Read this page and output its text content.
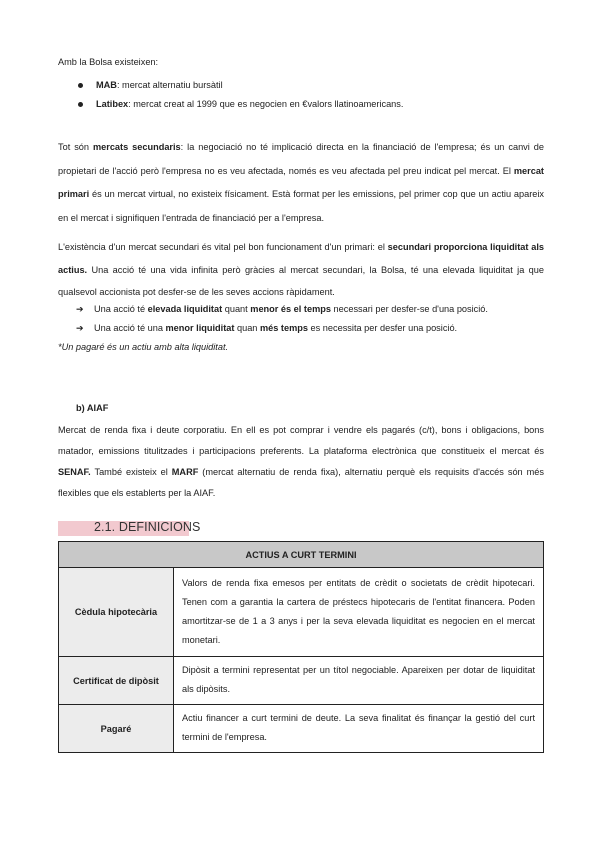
Amb la Bolsa existeixen:

MAB: mercat alternatiu bursàtil
Latibex: mercat creat al 1999 que es negocien en €valors llatinoamericans.

Tot són mercats secundaris: la negociació no té implicació directa en la financiació de l'empresa; és un canvi de propietari de l'acció però l'empresa no es veu afectada, només es veu afectada pel preu indicat pel mercat. El mercat primari és un mercat virtual, no existeix físicament. Està format per les emissions, pel primer cop que un actiu apareix en el mercat i signifiquen l'entrada de financiació per a l'empresa.

L'existència d'un mercat secundari és vital pel bon funcionament d'un primari: el secundari proporciona liquiditat als actius. Una acció té una vida infinita però gràcies al mercat secundari, la Bolsa, té una elevada liquiditat ja que qualsevol accionista pot desfer-se de les seves accions ràpidament.

➔ Una acció té elevada liquiditat quant menor és el temps necessari per desfer-se d'una posició.
➔ Una acció té una menor liquiditat quan més temps es necessita per desfer una posició.

*Un pagaré és un actiu amb alta liquiditat.

b) AIAF

Mercat de renda fixa i deute corporatiu. En ell es pot comprar i vendre els pagarés (c/t), bons i obligacions, bons matador, emissions titulitzades i participacions preferents. La plataforma electrònica que constitueix el mercat és SENAF. També existeix el MARF (mercat alternatiu de renda fixa), alternatiu perquè els requisits d'accés són més flexibles que els establerts per la AIAF.

2.1. DEFINICIONS
ACTIUS A CURT TERMINI	
Cèdula hipotecària	Valors de renda fixa emesos per entitats de crèdit o societats de crèdit hipotecari. Tenen com a garantia la cartera de préstecs hipotecaris de l'entitat financera. Poden amortitzar-se de 1 a 3 anys i per la seva elevada liquiditat es negocien en el mercat monetari.
Certificat de dipòsit	Dipòsit a termini representat per un títol negociable. Apareixen per dotar de liquiditat als dipòsits.
Pagaré	Actiu financer a curt termini de deute. La seva finalitat és finançar la gestió del curt termini de l'empresa.
